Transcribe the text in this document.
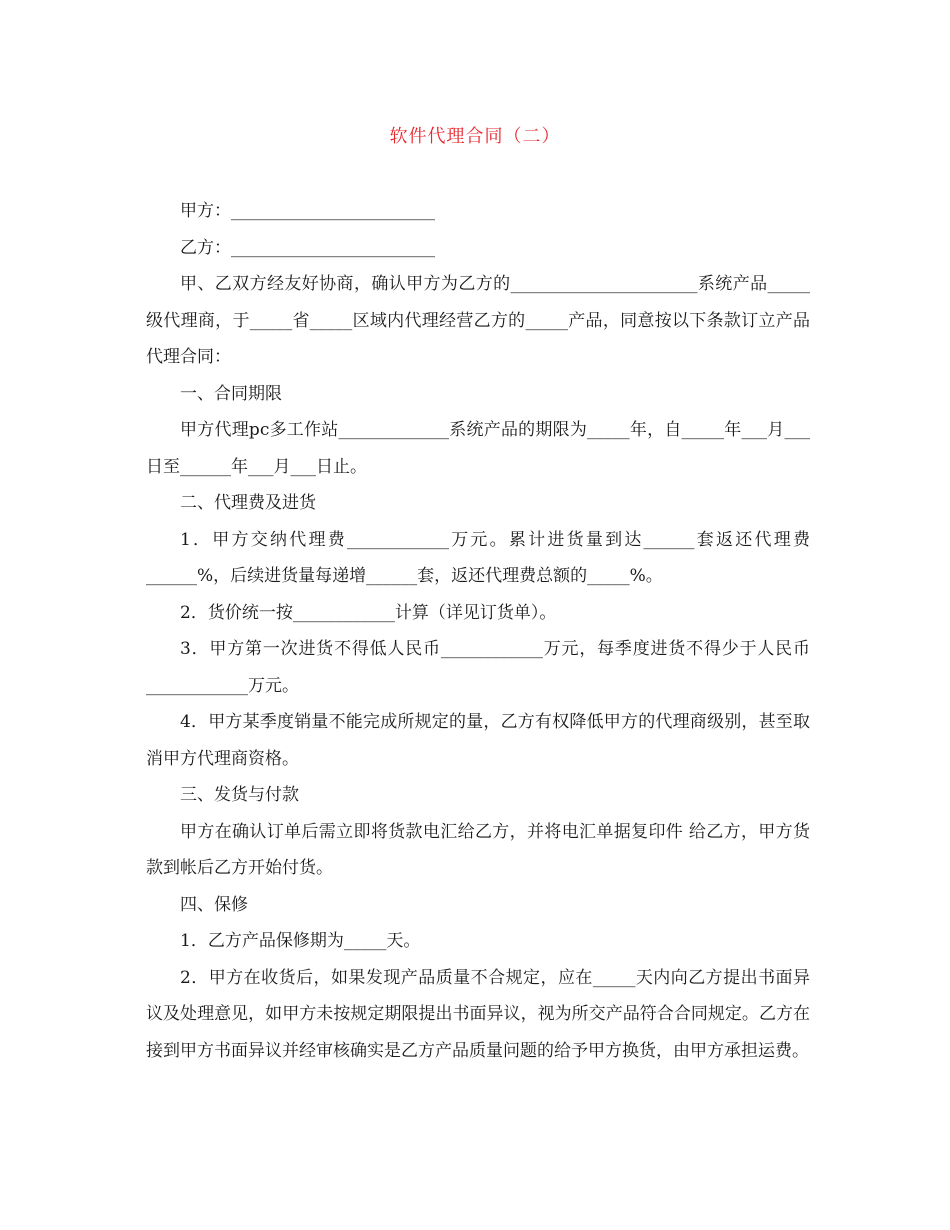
软件代理合同（二）

甲方：________________________

乙方：________________________

甲、乙双方经友好协商，确认甲方为乙方的______________________系统产品_____级代理商，于_____省_____区域内代理经营乙方的_____产品，同意按以下条款订立产品代理合同：

一、合同期限

甲方代理pc多工作站_____________系统产品的期限为_____年，自_____年___月___日至______年___月___日止。

二、代理费及进货

1．甲方交纳代理费____________万元。累计进货量到达______套返还代理费______%，后续进货量每递增______套，返还代理费总额的_____%。

2．货价统一按____________计算（详见订货单）。

3．甲方第一次进货不得低人民币____________万元，每季度进货不得少于人民币____________万元。

4．甲方某季度销量不能完成所规定的量，乙方有权降低甲方的代理商级别，甚至取消甲方代理商资格。

三、发货与付款

甲方在确认订单后需立即将货款电汇给乙方，并将电汇单据复印件 给乙方，甲方货款到帐后乙方开始付货。

四、保修

1．乙方产品保修期为_____天。

2．甲方在收货后，如果发现产品质量不合规定，应在_____天内向乙方提出书面异议及处理意见，如甲方未按规定期限提出书面异议，视为所交产品符合合同规定。乙方在接到甲方书面异议并经审核确实是乙方产品质量问题的给予甲方换货，由甲方承担运费。
